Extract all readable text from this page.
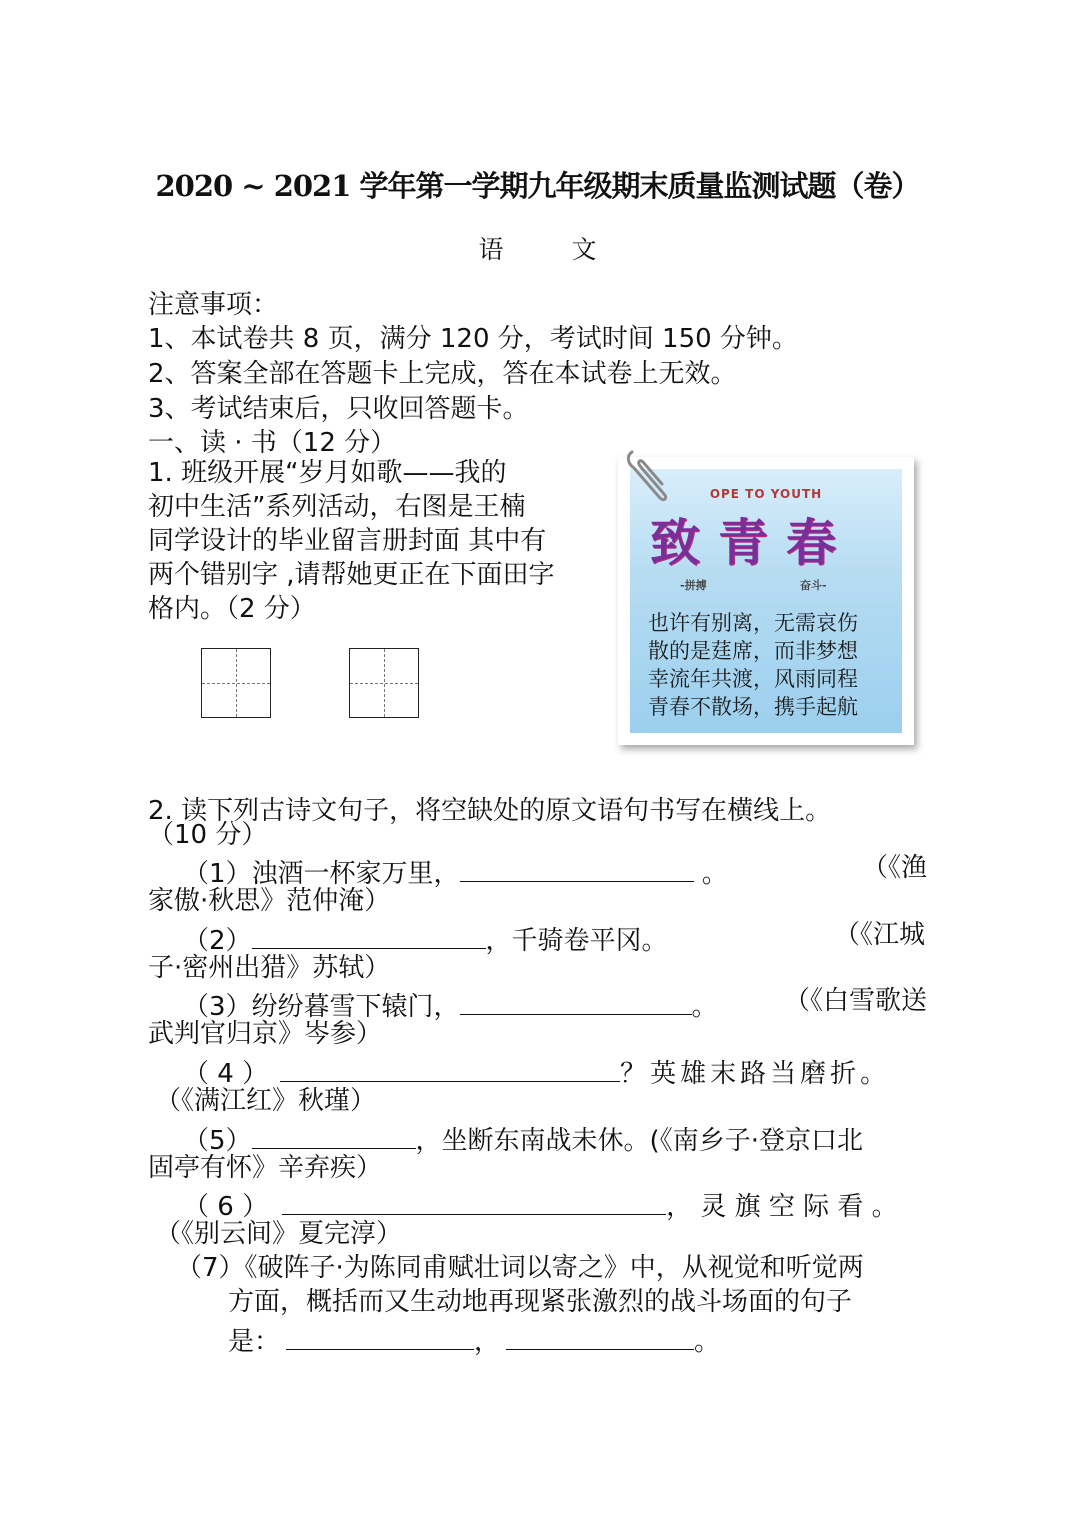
2020 ~ 2021 学年第一学期九年级期末质量监测试题（卷）
语 文
注意事项：
1、本试卷共 8 页，满分 120 分，考试时间 150 分钟。
2、答案全部在答题卡上完成，答在本试卷上无效。
3、考试结束后，只收回答题卡。
一、读 · 书（12 分）
1. 班级开展“岁月如歌——我的
初中生活”系列活动，右图是王楠
同学设计的毕业留言册封面 其中有
两个错别字 ,请帮她更正在下面田字
格内。（2 分）
OPE TO YOUTH
致青春
-拼搏	奋斗-
也许有别离，无需哀伤
散的是莛席，而非梦想
幸流年共渡，风雨同程
青春不散场，携手起航
2. 读下列古诗文句子，将空缺处的原文语句书写在横线上。
（10 分）
（1）浊酒一杯家万里，	。	（《渔
家傲·秋思》范仲淹）
（2）	，千骑卷平冈。	（《江城
子·密州出猎》苏轼）
（3）纷纷暮雪下辕门，	。	（《白雪歌送
武判官归京》岑参）
（ 4 ）	？英雄末路当磨折。
（《满江红》秋瑾）
（5）	，坐断东南战未休。(《南乡子·登京口北
固亭有怀》辛弃疾）
（ 6 ）	， 灵 旗 空 际 看 。
（《别云间》夏完淳）
（7）《破阵子·为陈同甫赋壮词以寄之》中，从视觉和听觉两
方面，概括而又生动地再现紧张激烈的战斗场面的句子
是：	，	。
